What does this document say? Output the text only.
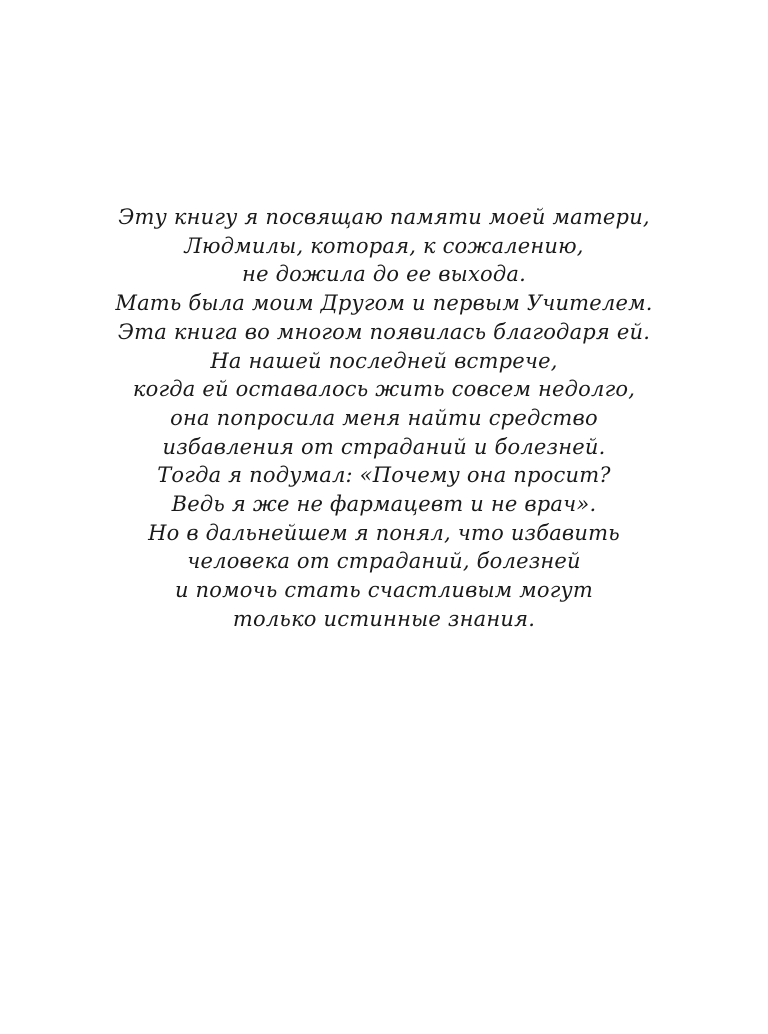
Эту книгу я посвящаю памяти моей матери,
Людмилы, которая, к сожалению,
не дожила до ее выхода.
Мать была моим Другом и первым Учителем.
Эта книга во многом появилась благодаря ей.
На нашей последней встрече,
когда ей оставалось жить совсем недолго,
она попросила меня найти средство
избавления от страданий и болезней.
Тогда я подумал: «Почему она просит?
Ведь я же не фармацевт и не врач».
Но в дальнейшем я понял, что избавить
человека от страданий, болезней
и помочь стать счастливым могут
только истинные знания.
